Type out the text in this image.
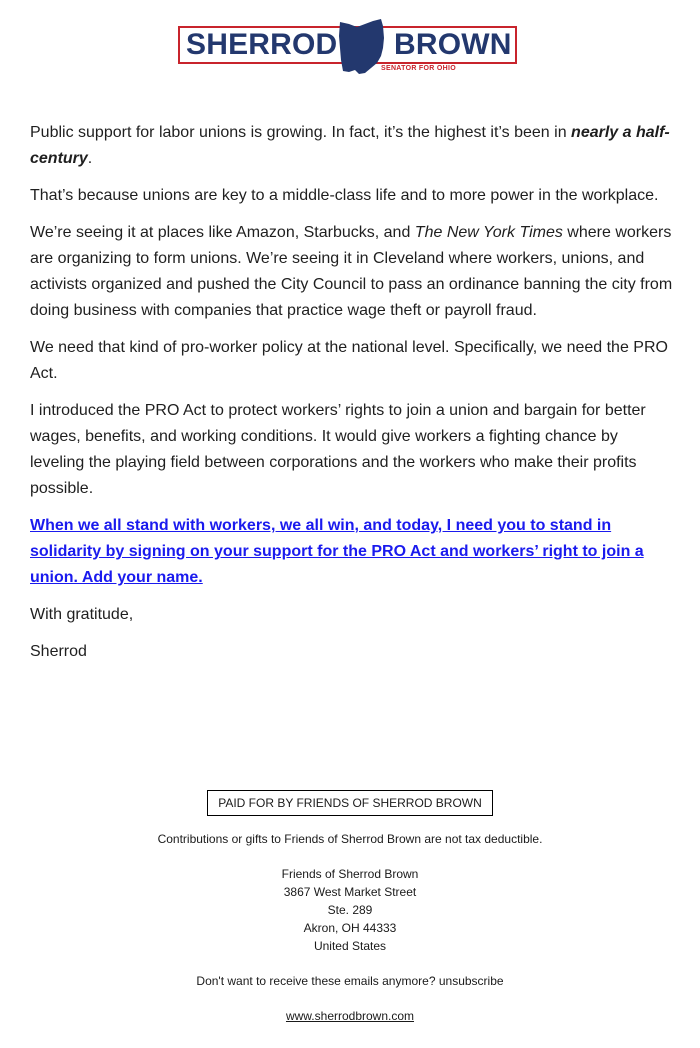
SHERROD BROWN
SENATOR FOR OHIO

Public support for labor unions is growing. In fact, it’s the highest it’s been in nearly a half-century.

That’s because unions are key to a middle-class life and to more power in the workplace.

We’re seeing it at places like Amazon, Starbucks, and The New York Times where workers are organizing to form unions. We’re seeing it in Cleveland where workers, unions, and activists organized and pushed the City Council to pass an ordinance banning the city from doing business with companies that practice wage theft or payroll fraud.

We need that kind of pro-worker policy at the national level. Specifically, we need the PRO Act.

I introduced the PRO Act to protect workers’ rights to join a union and bargain for better wages, benefits, and working conditions. It would give workers a fighting chance by leveling the playing field between corporations and the workers who make their profits possible.

When we all stand with workers, we all win, and today, I need you to stand in solidarity by signing on your support for the PRO Act and workers’ right to join a union. Add your name.

With gratitude,

Sherrod

PAID FOR BY FRIENDS OF SHERROD BROWN
Contributions or gifts to Friends of Sherrod Brown are not tax deductible.
Friends of Sherrod Brown
3867 West Market Street
Ste. 289
Akron, OH 44333
United States
Don't want to receive these emails anymore? unsubscribe
www.sherrodbrown.com
